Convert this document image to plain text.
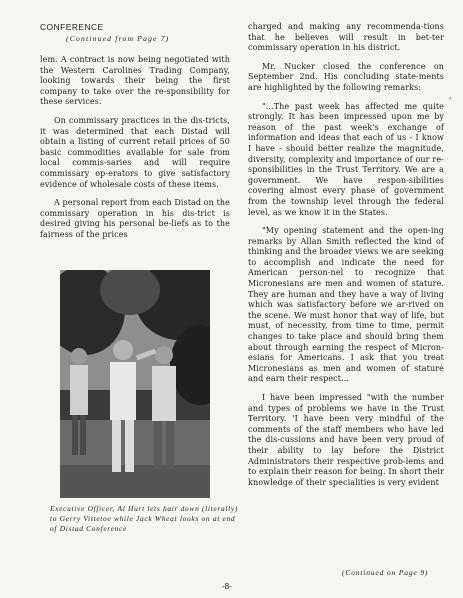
CONFERENCE
(Continued from Page 7)

lem. A contract is now being negotiated with the Western Carolines Trading Company, looking towards their being the first company to take over the re-sponsibility for these services.

On commissary practices in the dis-tricts, it was determined that each Distad will obtain a listing of current retail prices of 50 basic commodities available for sale from local commis-saries and will require commissary op-erators to give satisfactory evidence of wholesale costs of these items.

A personal report from each Distad on the commissary operation in his dis-trict is desired giving his personal be-liefs as to the fairness of the prices

Executive Officer, Al Hurt lets hair down (literally) to Gerry Vittetoe while Jack Wheat looks on at end of Distad Conference

charged and making any recommenda-tions that he believes will result in bet-ter commissary operation in his district.

Mr. Nucker closed the conference on September 2nd. His concluding state-ments are highlighted by the following remarks:

"...The past week has affected me quite strongly. It has been impressed upon me by reason of the past week's exchange of information and ideas that each of us - I know I have - should better realize the magnitude, diversity, complexity and importance of our re-sponsibilities in the Trust Territory. We are a government. We have respon-sibilities covering almost every phase of government from the township level through the federal level, as we know it in the States.

"My opening statement and the open-ing remarks by Allan Smith reflected the kind of thinking and the broader views we are seeking to accomplish and indicate the need for American person-nel to recognize that Micronesians are men and women of stature. They are human and they have a way of living which was satisfactory before we ar-rived on the scene. We must honor that way of life, but must, of necessity, from time to time, permit changes to take place and should bring them about through earning the respect of Micron-esians for Americans. I ask that you treat Micronesians as men and women of stature and earn their respect...

I have been impressed "with the number and types of problems we have in the Trust Territory. 'I have been very mindful of the comments of the staff members who have led the dis-cussions and have been very proud of their ability to lay before the District Administrators their respective prob-lems and to explain their reason for being. In short their knowledge of their specialities is very evident

(Continued on Page 9)
-8-
'
